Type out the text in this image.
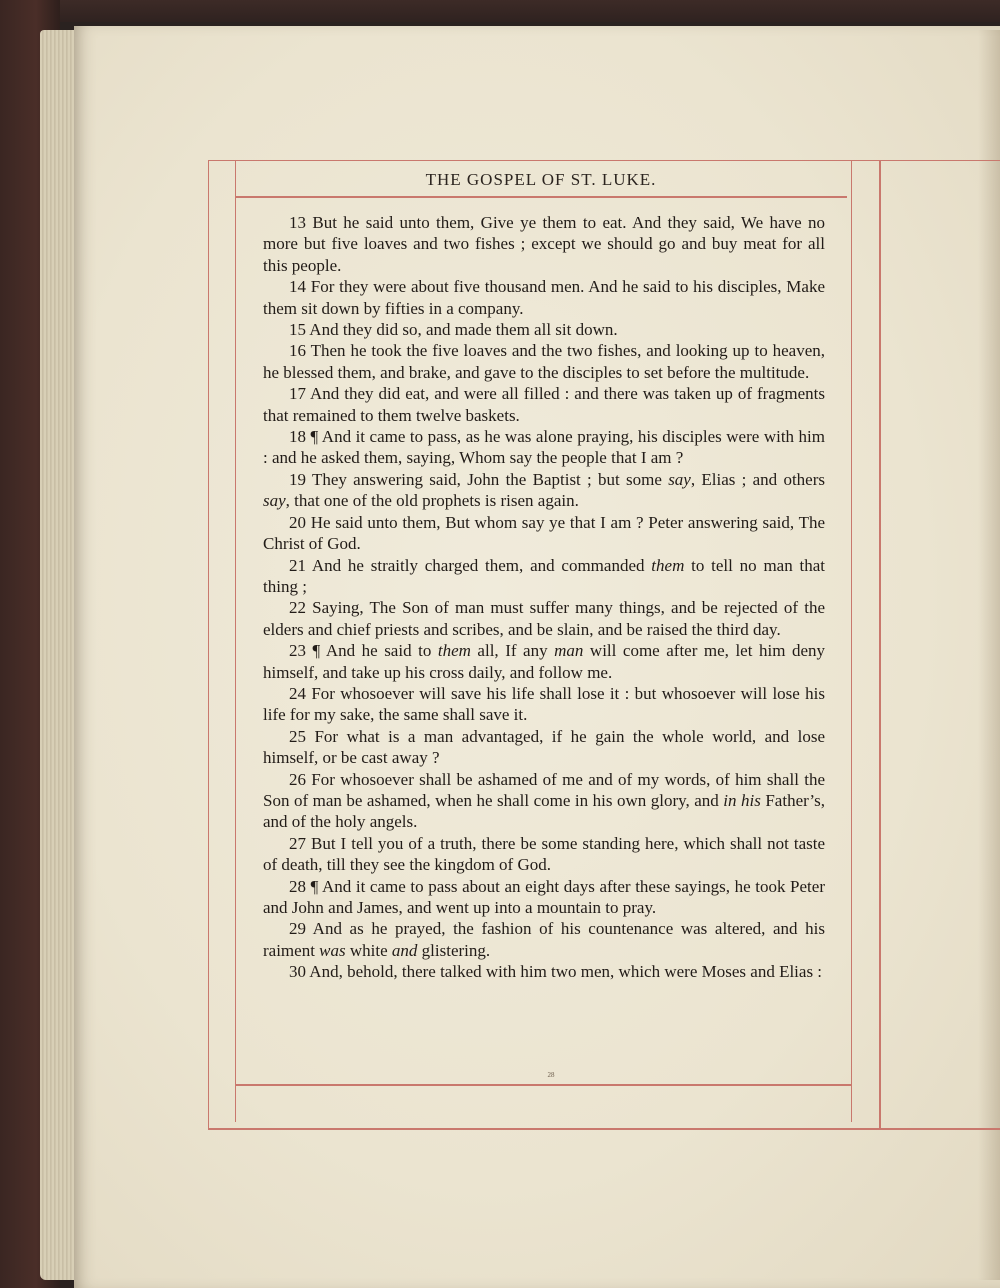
THE GOSPEL OF ST. LUKE.

13 But he said unto them, Give ye them to eat. And they said, We have no more but five loaves and two fishes ; except we should go and buy meat for all this people.

14 For they were about five thousand men. And he said to his disciples, Make them sit down by fifties in a company.

15 And they did so, and made them all sit down.

16 Then he took the five loaves and the two fishes, and looking up to heaven, he blessed them, and brake, and gave to the disciples to set before the multitude.

17 And they did eat, and were all filled : and there was taken up of fragments that remained to them twelve baskets.

18 ¶ And it came to pass, as he was alone praying, his disciples were with him : and he asked them, saying, Whom say the people that I am ?

19 They answering said, John the Baptist ; but some say, Elias ; and others say, that one of the old prophets is risen again.

20 He said unto them, But whom say ye that I am ? Peter answering said, The Christ of God.

21 And he straitly charged them, and commanded them to tell no man that thing ;

22 Saying, The Son of man must suffer many things, and be rejected of the elders and chief priests and scribes, and be slain, and be raised the third day.

23 ¶ And he said to them all, If any man will come after me, let him deny himself, and take up his cross daily, and follow me.

24 For whosoever will save his life shall lose it : but whosoever will lose his life for my sake, the same shall save it.

25 For what is a man advantaged, if he gain the whole world, and lose himself, or be cast away ?

26 For whosoever shall be ashamed of me and of my words, of him shall the Son of man be ashamed, when he shall come in his own glory, and in his Father’s, and of the holy angels.

27 But I tell you of a truth, there be some standing here, which shall not taste of death, till they see the kingdom of God.

28 ¶ And it came to pass about an eight days after these sayings, he took Peter and John and James, and went up into a mountain to pray.

29 And as he prayed, the fashion of his countenance was altered, and his raiment was white and glistering.

30 And, behold, there talked with him two men, which were Moses and Elias :

28
